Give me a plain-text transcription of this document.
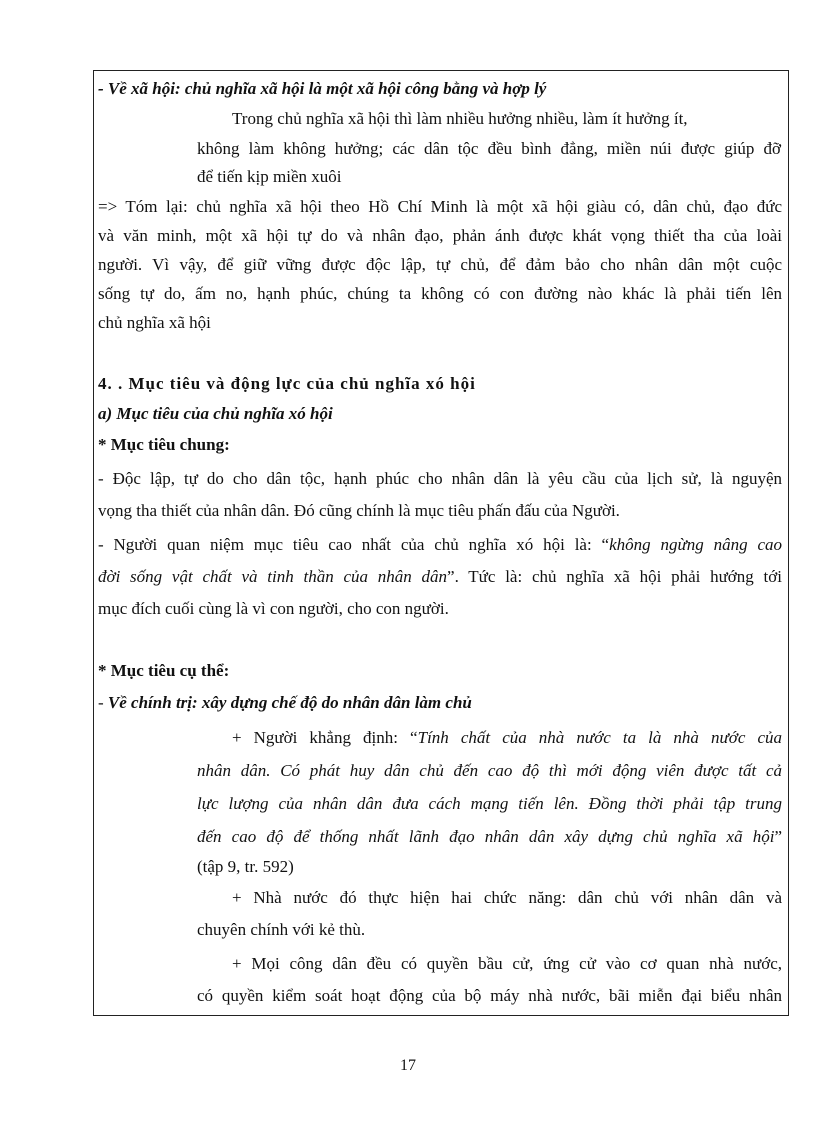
- Về xã hội: chủ nghĩa xã hội là một xã hội công bằng và hợp lý
Trong chủ nghĩa xã hội thì làm nhiều hưởng nhiều, làm ít hưởng ít,
không làm không hưởng; các dân tộc đều bình đẳng, miền núi được giúp đỡ
để tiến kịp miền xuôi
=> Tóm lại: chủ nghĩa xã hội theo Hồ Chí Minh là một xã hội giàu có, dân chủ, đạo đức
và văn minh, một xã hội tự do và nhân đạo, phản ánh được khát vọng thiết tha của loài
người. Vì vậy, để giữ vững được độc lập, tự chủ, để đảm bảo cho nhân dân một cuộc
sống tự do, ấm no, hạnh phúc, chúng ta không có con đường nào khác là phải tiến lên
chủ nghĩa xã hội
4. . Mục tiêu và động lực của chủ nghĩa xó hội
a) Mục tiêu của chủ nghĩa xó hội
* Mục tiêu chung:
- Độc lập, tự do cho dân tộc, hạnh phúc cho nhân dân là yêu cầu của lịch sử, là nguyện
vọng tha thiết của nhân dân. Đó cũng chính là mục tiêu phấn đấu của Người.
- Người quan niệm mục tiêu cao nhất của chủ nghĩa xó hội là: “không ngừng nâng cao
đời sống vật chất và tinh thần của nhân dân”. Tức là: chủ nghĩa xã hội phải hướng tới
mục đích cuối cùng là vì con người, cho con người.
* Mục tiêu cụ thể:
- Về chính trị: xây dựng chế độ do nhân dân làm chủ
+ Người khẳng định: “Tính chất của nhà nước ta là nhà nước của
nhân dân. Có phát huy dân chủ đến cao độ thì mới động viên được tất cả
lực lượng của nhân dân đưa cách mạng tiến lên. Đồng thời phải tập trung
đến cao độ để thống nhất lãnh đạo nhân dân xây dựng chủ nghĩa xã hội”
(tập 9, tr. 592)
+ Nhà nước đó thực hiện hai chức năng: dân chủ với nhân dân và
chuyên chính với kẻ thù.
+ Mọi công dân đều có quyền bầu cử, ứng cử vào cơ quan nhà nước,
có quyền kiểm soát hoạt động của bộ máy nhà nước, bãi miễn đại biểu nhân
17
